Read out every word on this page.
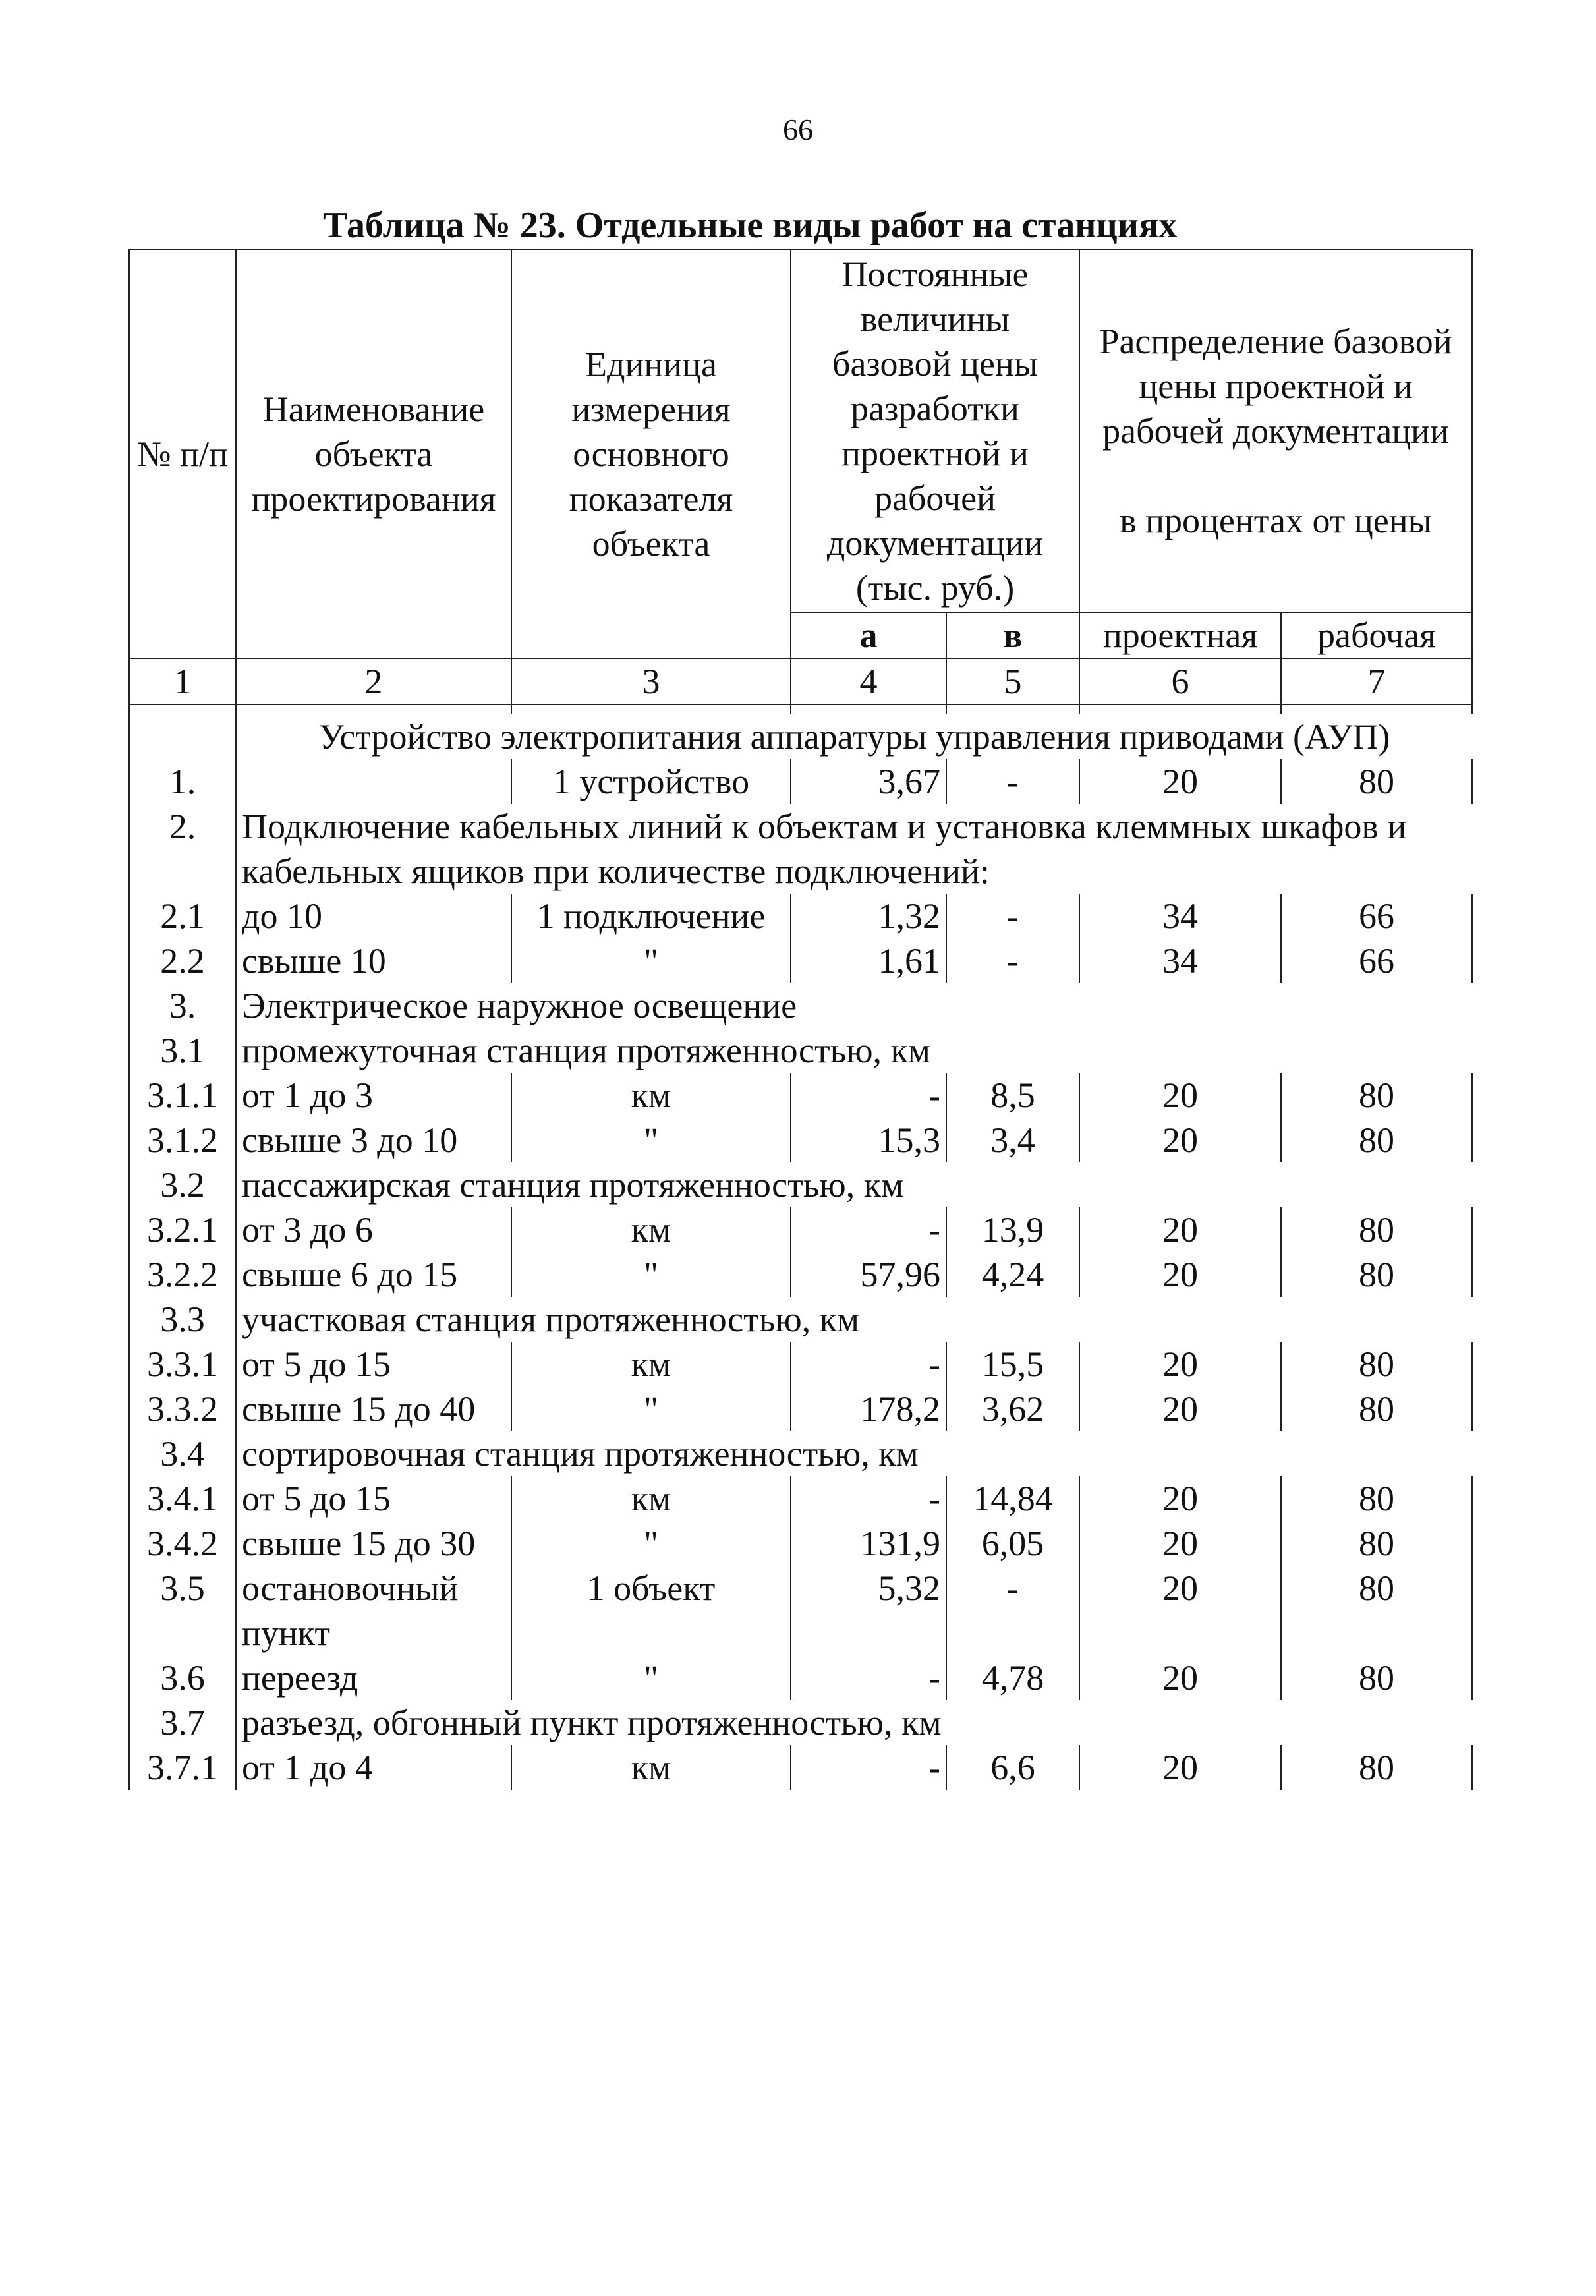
66
Таблица № 23. Отдельные виды работ на станциях
№ п/п	Наименование объекта проектирования	Единица измерения основного показателя объекта	Постоянные величины базовой цены разработки проектной и рабочей документации (тыс. руб.)		Распределение базовой цены проектной и рабочей документации
в процентах от цены	

			а	в	проектная	рабочая
1	2	3	4	5	6	7

	Устройство электропитания аппаратуры управления приводами (АУП)					
1.		1 устройство	3,67	-	20	80
2.	Подключение кабельных линий к объектам и установка клеммных шкафов и кабельных ящиков при количестве подключений:					
2.1	до 10	1 подключение	1,32	-	34	66
2.2	свыше 10	"	1,61	-	34	66
3.	Электрическое наружное освещение					
3.1	промежуточная станция протяженностью, км					
3.1.1	от 1 до 3	км	-	8,5	20	80
3.1.2	свыше 3 до 10	"	15,3	3,4	20	80
3.2	пассажирская станция протяженностью, км					
3.2.1	от 3 до 6	км	-	13,9	20	80
3.2.2	свыше 6 до 15	"	57,96	4,24	20	80
3.3	участковая станция протяженностью, км					
3.3.1	от 5 до 15	км	-	15,5	20	80
3.3.2	свыше 15 до 40	"	178,2	3,62	20	80
3.4	сортировочная станция протяженностью, км					
3.4.1	от 5 до 15	км	-	14,84	20	80
3.4.2	свыше 15 до 30	"	131,9	6,05	20	80
3.5	остановочный пункт	1 объект	5,32	-	20	80
3.6	переезд	"	-	4,78	20	80
3.7	разъезд, обгонный пункт протяженностью, км					
3.7.1	от 1 до 4	км	-	6,6	20	80
